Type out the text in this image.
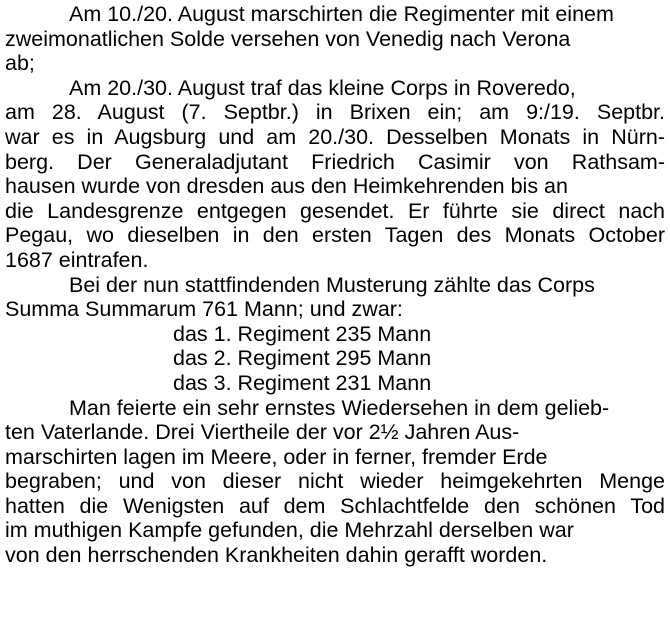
Am 10./20. August marschirten die Regimenter mit einem
zweimonatlichen Solde versehen von Venedig nach Verona
ab;
Am 20./30. August traf das kleine Corps in Roveredo,
am 28. August (7. Septbr.) in Brixen ein; am 9:/19. Septbr.
war es in Augsburg und am 20./30. Desselben Monats in Nürn-
berg. Der Generaladjutant Friedrich Casimir von Rathsam-
hausen wurde von dresden aus den Heimkehrenden bis an
die Landesgrenze entgegen gesendet. Er führte sie direct nach
Pegau, wo dieselben in den ersten Tagen des Monats October
1687 eintrafen.
Bei der nun stattfindenden Musterung zählte das Corps
Summa Summarum 761 Mann; und zwar:
das 1. Regiment 235 Mann
das 2. Regiment 295 Mann
das 3. Regiment 231 Mann
Man feierte ein sehr ernstes Wiedersehen in dem gelieb-
ten Vaterlande. Drei Viertheile der vor 2½ Jahren Aus-
marschirten lagen im Meere, oder in ferner, fremder Erde
begraben; und von dieser nicht wieder heimgekehrten Menge
hatten die Wenigsten auf dem Schlachtfelde den schönen Tod
im muthigen Kampfe gefunden, die Mehrzahl derselben war
von den herrschenden Krankheiten dahin gerafft worden.
